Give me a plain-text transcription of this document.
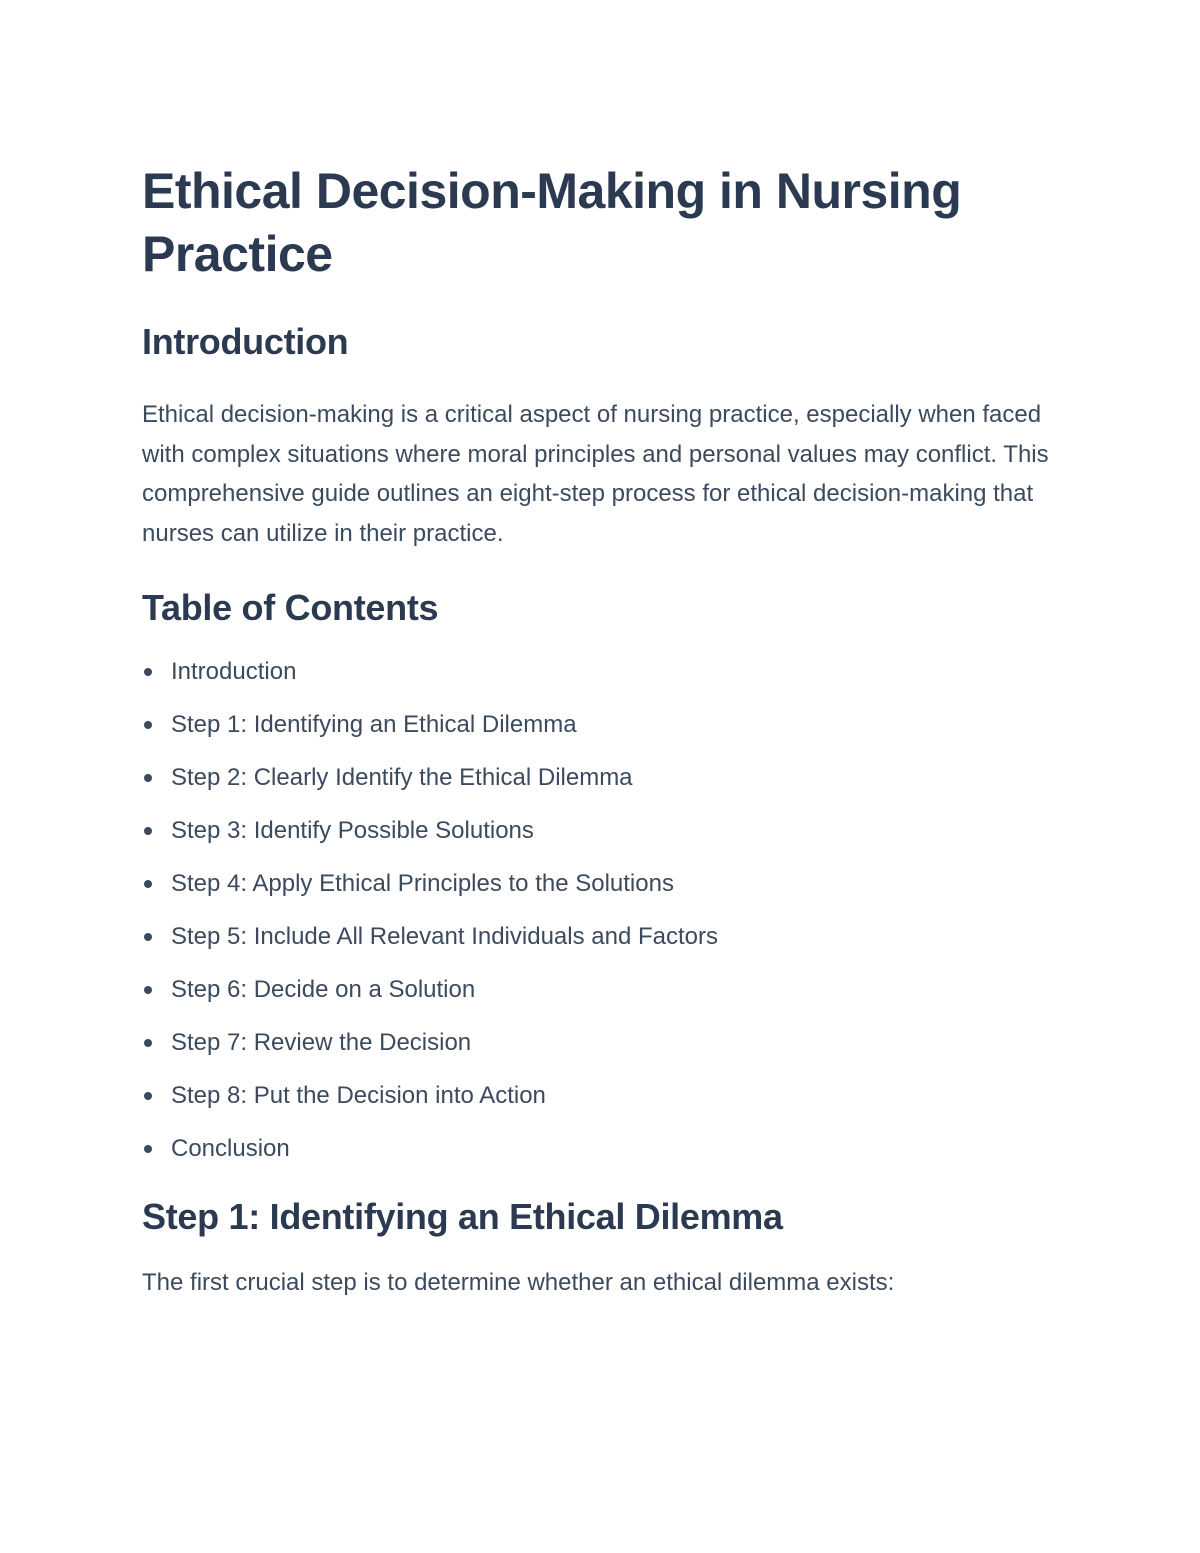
Ethical Decision-Making in Nursing Practice
Introduction

Ethical decision-making is a critical aspect of nursing practice, especially when faced with complex situations where moral principles and personal values may conflict. This comprehensive guide outlines an eight-step process for ethical decision-making that nurses can utilize in their practice.

Table of Contents
Introduction
Step 1: Identifying an Ethical Dilemma
Step 2: Clearly Identify the Ethical Dilemma
Step 3: Identify Possible Solutions
Step 4: Apply Ethical Principles to the Solutions
Step 5: Include All Relevant Individuals and Factors
Step 6: Decide on a Solution
Step 7: Review the Decision
Step 8: Put the Decision into Action
Conclusion
Step 1: Identifying an Ethical Dilemma

The first crucial step is to determine whether an ethical dilemma exists:
